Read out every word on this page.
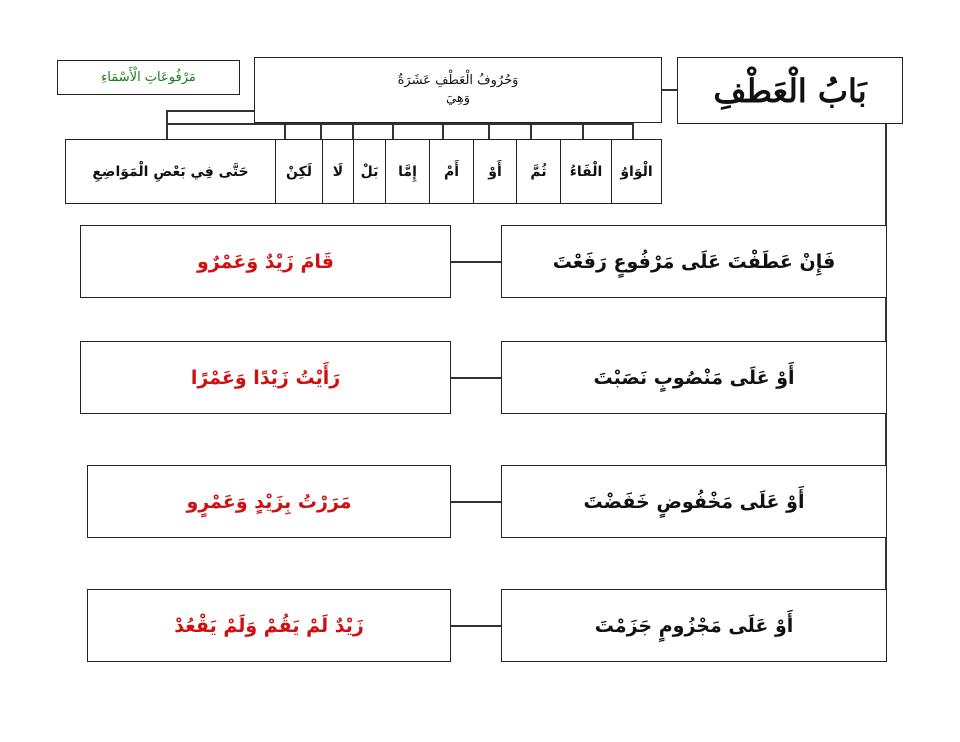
بَابُ الْعَطْفِ
وَحُرُوفُ الْعَطْفِ عَشَرَةٌ
وَهِيَ
مَرْفُوعَاتِ الْأَسْمَاءِ
الْوَاوُ
الْفَاءُ
ثُمَّ
أَوْ
أَمْ
إِمَّا
بَلْ
لَا
لَكِنْ
حَتَّى فِي بَعْضِ الْمَوَاضِعِ
فَإِنْ عَطَفْتَ عَلَى مَرْفُوعٍ رَفَعْتَ
قَامَ زَيْدٌ وَعَمْرٌو
أَوْ عَلَى مَنْصُوبٍ نَصَبْتَ
رَأَيْتُ زَيْدًا وَعَمْرًا
أَوْ عَلَى مَخْفُوضٍ خَفَضْتَ
مَرَرْتُ بِزَيْدٍ وَعَمْرٍو
أَوْ عَلَى مَجْزُومٍ جَزَمْتَ
زَيْدٌ لَمْ يَقُمْ وَلَمْ يَقْعُدْ
